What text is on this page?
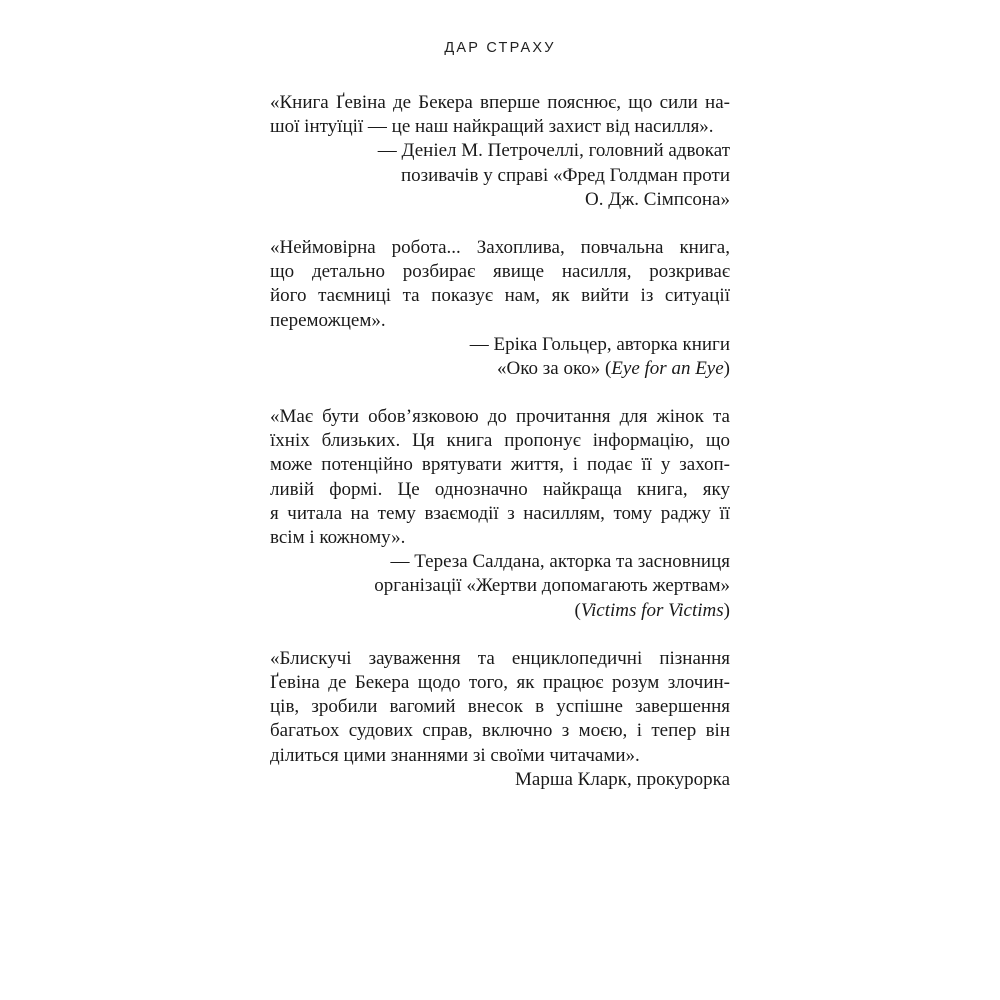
ДАР СТРАХУ
«Книга Ґевіна де Бекера вперше пояснює, що сили на-
шої інтуїції — це наш найкращий захист від насилля».
— Деніел М. Петрочеллі, головний адвокат
позивачів у справі «Фред Голдман проти
О. Дж. Сімпсона»
«Неймовірна робота... Захоплива, повчальна книга,
що детально розбирає явище насилля, розкриває
його таємниці та показує нам, як вийти із ситуації
переможцем».
— Еріка Гольцер, авторка книги
«Око за око» (Eye for an Eye)
«Має бути обов’язковою до прочитання для жінок та
їхніх близьких. Ця книга пропонує інформацію, що
може потенційно врятувати життя, і подає її у захоп-
ливій формі. Це однозначно найкраща книга, яку
я читала на тему взаємодії з насиллям, тому раджу її
всім і кожному».
— Тереза Салдана, акторка та засновниця
організації «Жертви допомагають жертвам»
(Victims for Victims)
«Блискучі зауваження та енциклопедичні пізнання
Ґевіна де Бекера щодо того, як працює розум злочин-
ців, зробили вагомий внесок в успішне завершення
багатьох судових справ, включно з моєю, і тепер він
ділиться цими знаннями зі своїми читачами».
Марша Кларк, прокурорка
